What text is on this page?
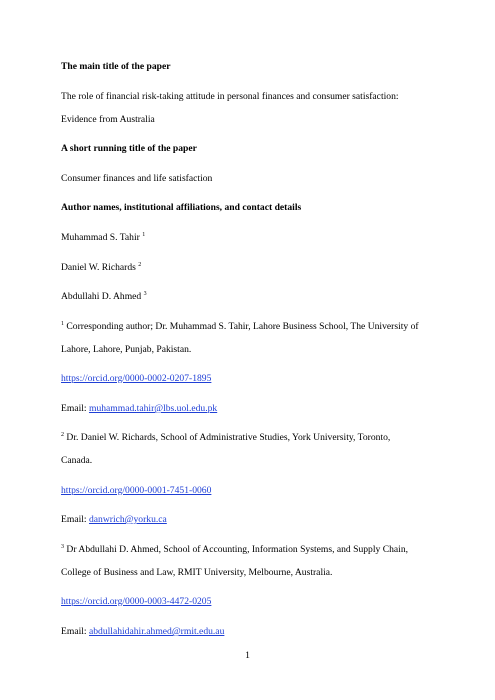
The main title of the paper
The role of financial risk-taking attitude in personal finances and consumer satisfaction:
Evidence from Australia
A short running title of the paper
Consumer finances and life satisfaction
Author names, institutional affiliations, and contact details
Muhammad S. Tahir $^1$
Daniel W. Richards $^2$
Abdullahi D. Ahmed $^3$
$^1$ Corresponding author; Dr. Muhammad S. Tahir, Lahore Business School, The University of
Lahore, Lahore, Punjab, Pakistan.
https://orcid.org/0000-0002-0207-1895
Email: muhammad.tahir@lbs.uol.edu.pk
$^2$ Dr. Daniel W. Richards, School of Administrative Studies, York University, Toronto,
Canada.
https://orcid.org/0000-0001-7451-0060
Email: danwrich@yorku.ca
$^3$ Dr Abdullahi D. Ahmed, School of Accounting, Information Systems, and Supply Chain,
College of Business and Law, RMIT University, Melbourne, Australia.
https://orcid.org/0000-0003-4472-0205
Email: abdullahidahir.ahmed@rmit.edu.au
1
